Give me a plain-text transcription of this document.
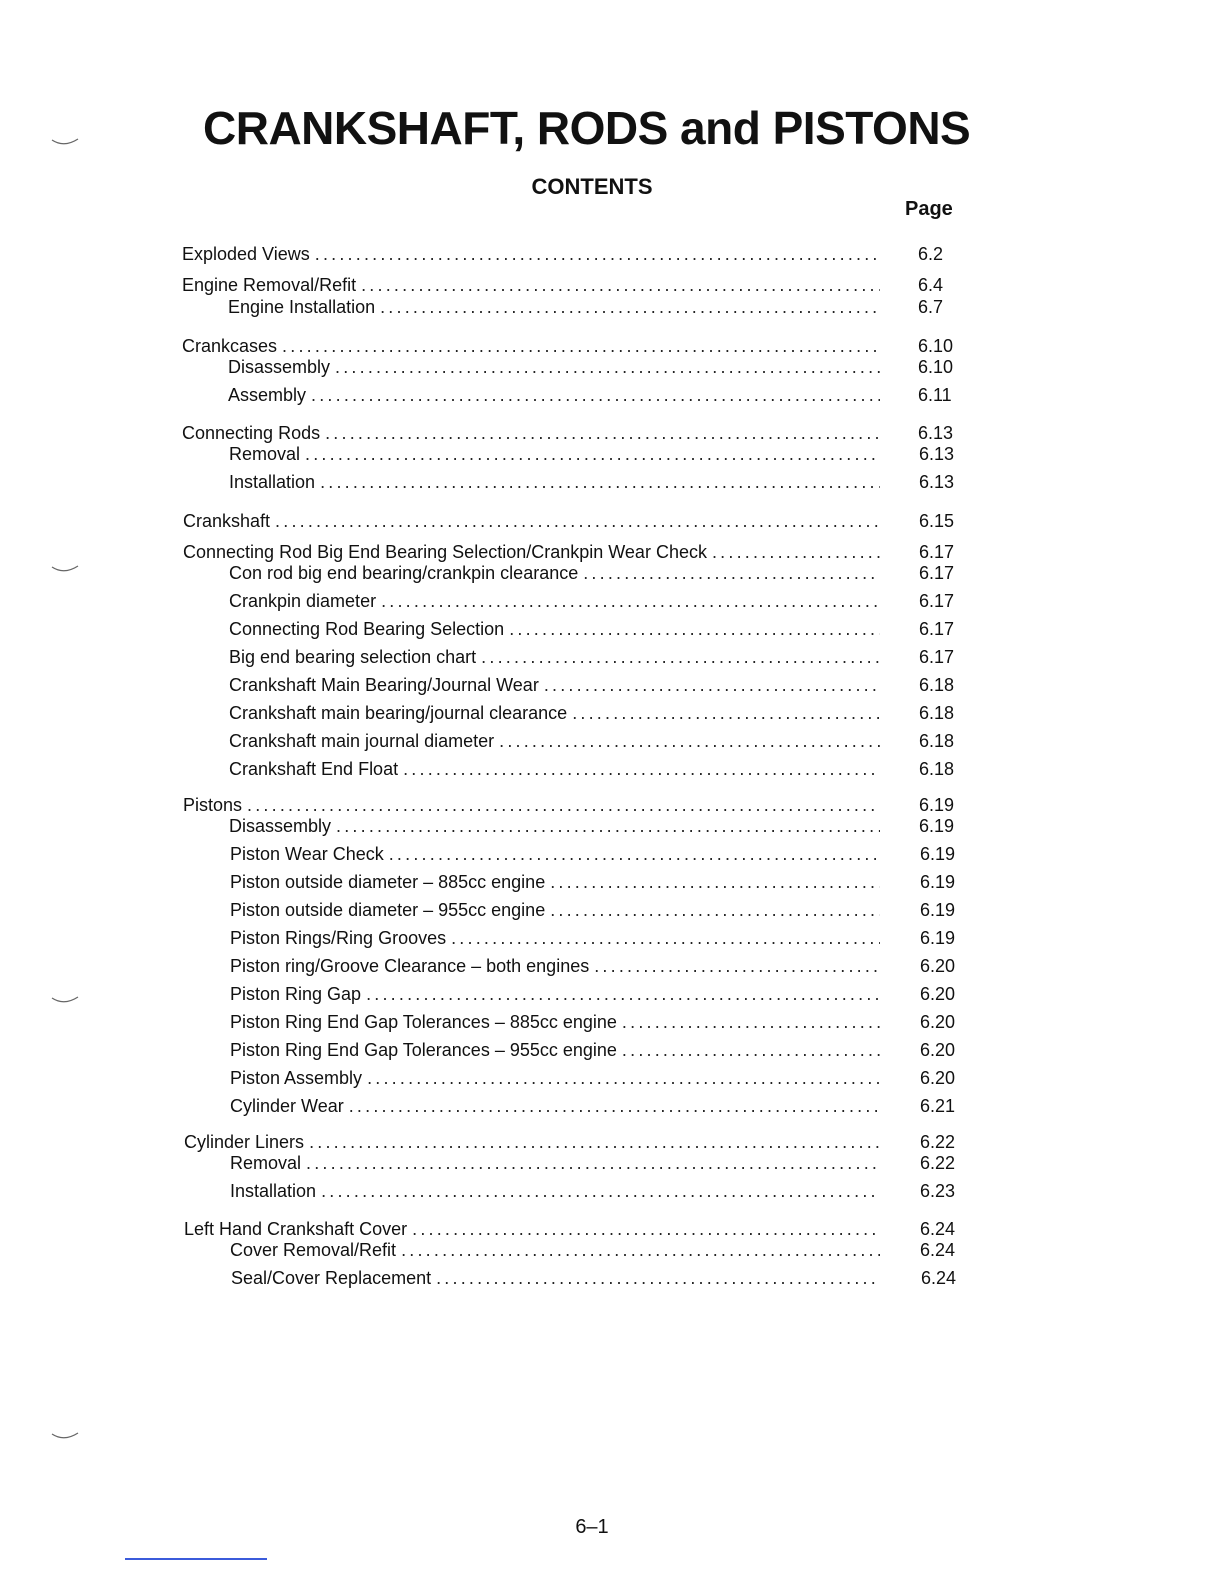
CRANKSHAFT, RODS and PISTONS
CONTENTS
Page
Exploded Views .....	6.2
Engine Removal/Refit .....	6.4
Engine Installation .....	6.7
Crankcases .....	6.10
Disassembly .....	6.10
Assembly .....	6.11
Connecting Rods .....	6.13
Removal .....	6.13
Installation .....	6.13
Crankshaft .....	6.15
Connecting Rod Big End Bearing Selection/Crankpin Wear Check .....	6.17
Con rod big end bearing/crankpin clearance .....	6.17
Crankpin diameter .....	6.17
Connecting Rod Bearing Selection .....	6.17
Big end bearing selection chart .....	6.17
Crankshaft Main Bearing/Journal Wear .....	6.18
Crankshaft main bearing/journal clearance .....	6.18
Crankshaft main journal diameter .....	6.18
Crankshaft End Float .....	6.18
Pistons .....	6.19
Disassembly .....	6.19
Piston Wear Check .....	6.19
Piston outside diameter – 885cc engine .....	6.19
Piston outside diameter – 955cc engine .....	6.19
Piston Rings/Ring Grooves .....	6.19
Piston ring/Groove Clearance – both engines .....	6.20
Piston Ring Gap .....	6.20
Piston Ring End Gap Tolerances – 885cc engine .....	6.20
Piston Ring End Gap Tolerances – 955cc engine .....	6.20
Piston Assembly .....	6.20
Cylinder Wear .....	6.21
Cylinder Liners .....	6.22
Removal .....	6.22
Installation .....	6.23
Left Hand Crankshaft Cover .....	6.24
Cover Removal/Refit .....	6.24
Seal/Cover Replacement .....	6.24
6–1
